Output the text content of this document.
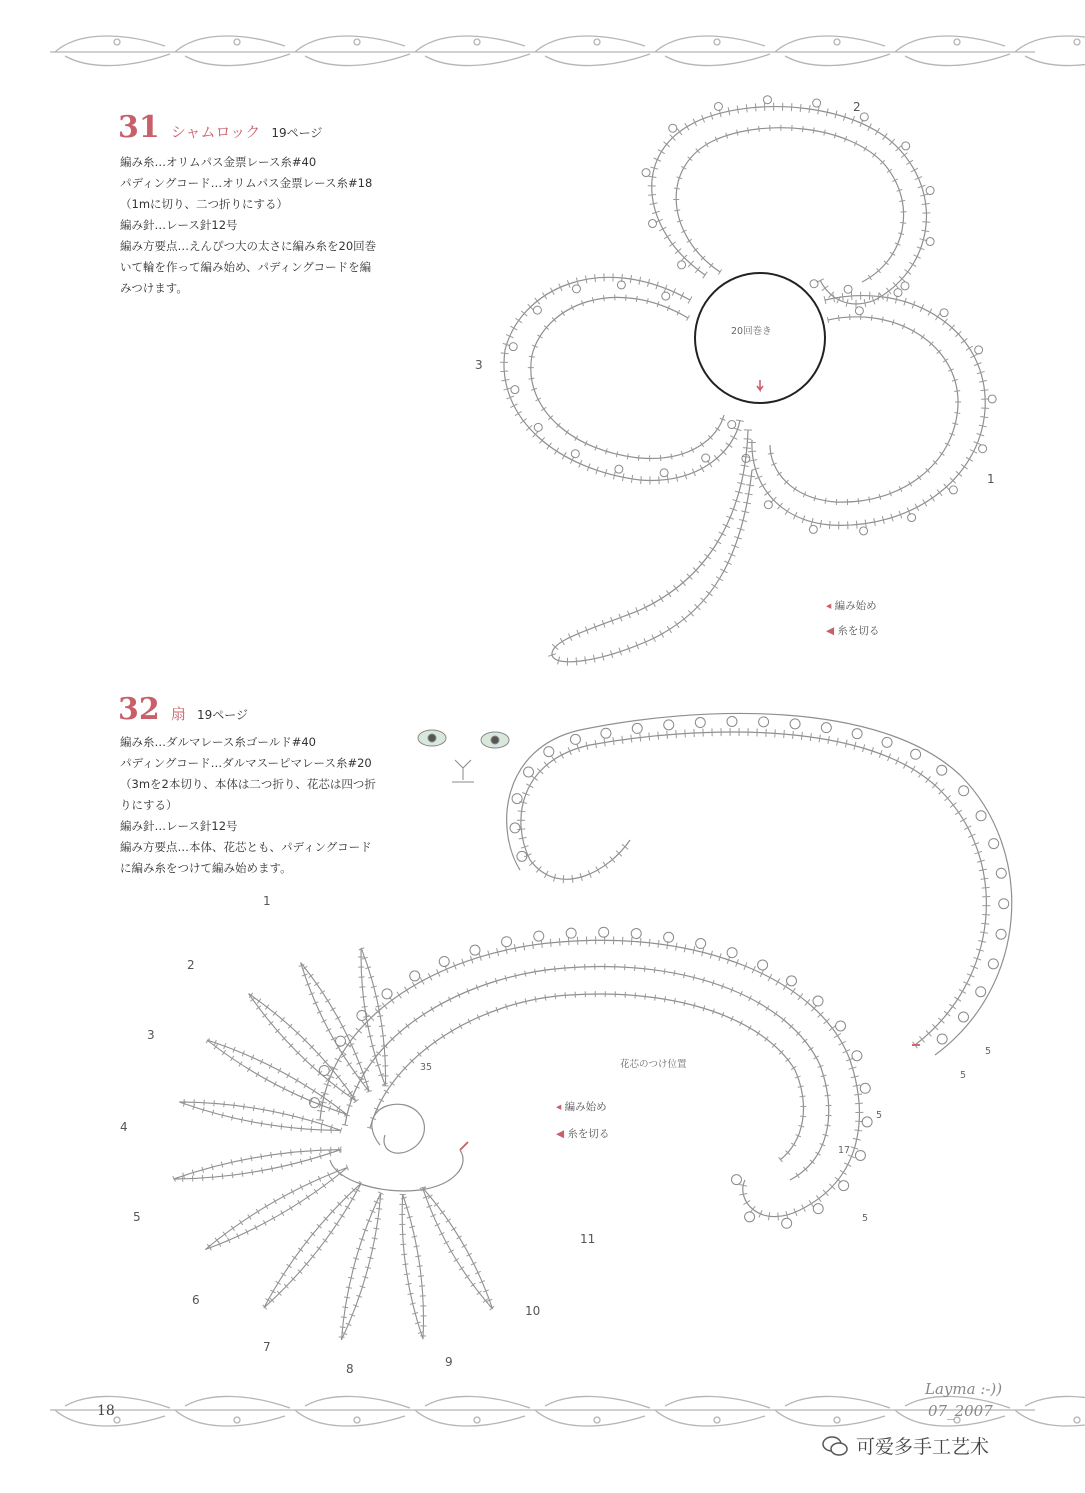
31 シャムロック 19ページ
編み糸…オリムパス金票レース糸#40
パディングコード…オリムパス金票レース糸#18
（1mに切り、二つ折りにする）
編み針…レース針12号
編み方要点…えんぴつ大の太さに編み糸を20回巻
いて輪を作って編み始め、パディングコードを編
みつけます。
20回巻き
1
2
3
◂ 編み始め
◀ 糸を切る
32 扇 19ページ
編み糸…ダルマレース糸ゴールド#40
パディングコード…ダルマスーピマレース糸#20
（3mを2本切り、本体は二つ折り、花芯は四つ折
りにする）
編み針…レース針12号
編み方要点…本体、花芯とも、パディングコード
に編み糸をつけて編み始めます。
1
2
3
4
5
6
7
8	9
10
11
花芯のつけ位置
35
17
5
5
5
5
◂ 編み始め
◀ 糸を切る
18
Layma :-))
07_2007
可爱多手工艺术
